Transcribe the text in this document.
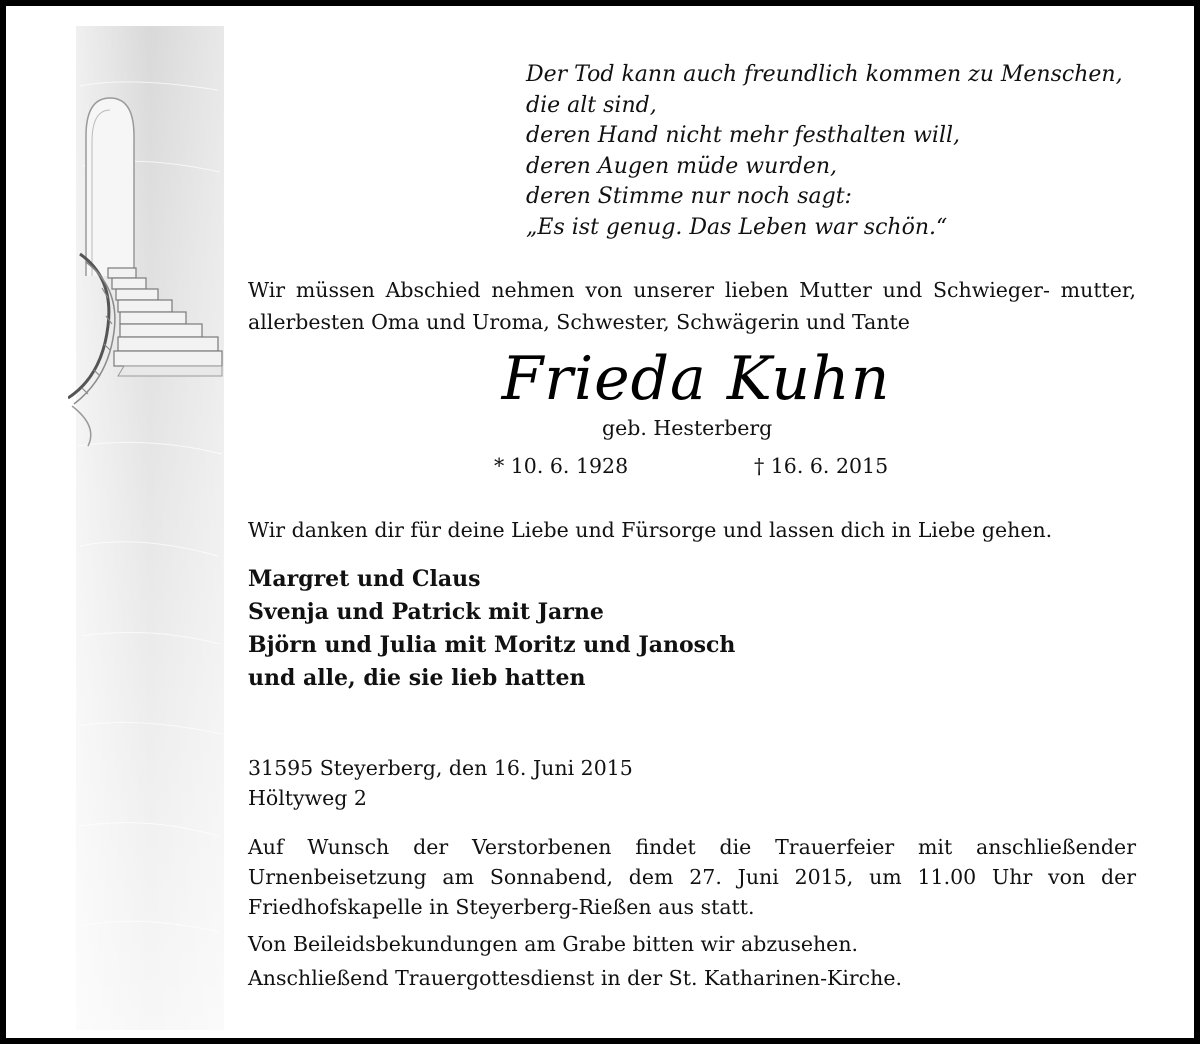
Der Tod kann auch freundlich kommen zu Menschen,
die alt sind,
deren Hand nicht mehr festhalten will,
deren Augen müde wurden,
deren Stimme nur noch sagt:
„Es ist genug. Das Leben war schön.“
Wir müssen Abschied nehmen von unserer lieben Mutter und Schwieger- mutter, allerbesten Oma und Uroma, Schwester, Schwägerin und Tante
Frieda Kuhn
geb. Hesterberg
* 10. 6. 1928	† 16. 6. 2015
Wir danken dir für deine Liebe und Fürsorge und lassen dich in Liebe gehen.
Margret und Claus
Svenja und Patrick mit Jarne
Björn und Julia mit Moritz und Janosch
und alle, die sie lieb hatten
31595 Steyerberg, den 16. Juni 2015
Höltyweg 2
Auf Wunsch der Verstorbenen findet die Trauerfeier mit anschließender Urnenbeisetzung am Sonnabend, dem 27. Juni 2015, um 11.00 Uhr von der Friedhofskapelle in Steyerberg-Rießen aus statt.
Von Beileidsbekundungen am Grabe bitten wir abzusehen.
Anschließend Trauergottesdienst in der St. Katharinen-Kirche.
